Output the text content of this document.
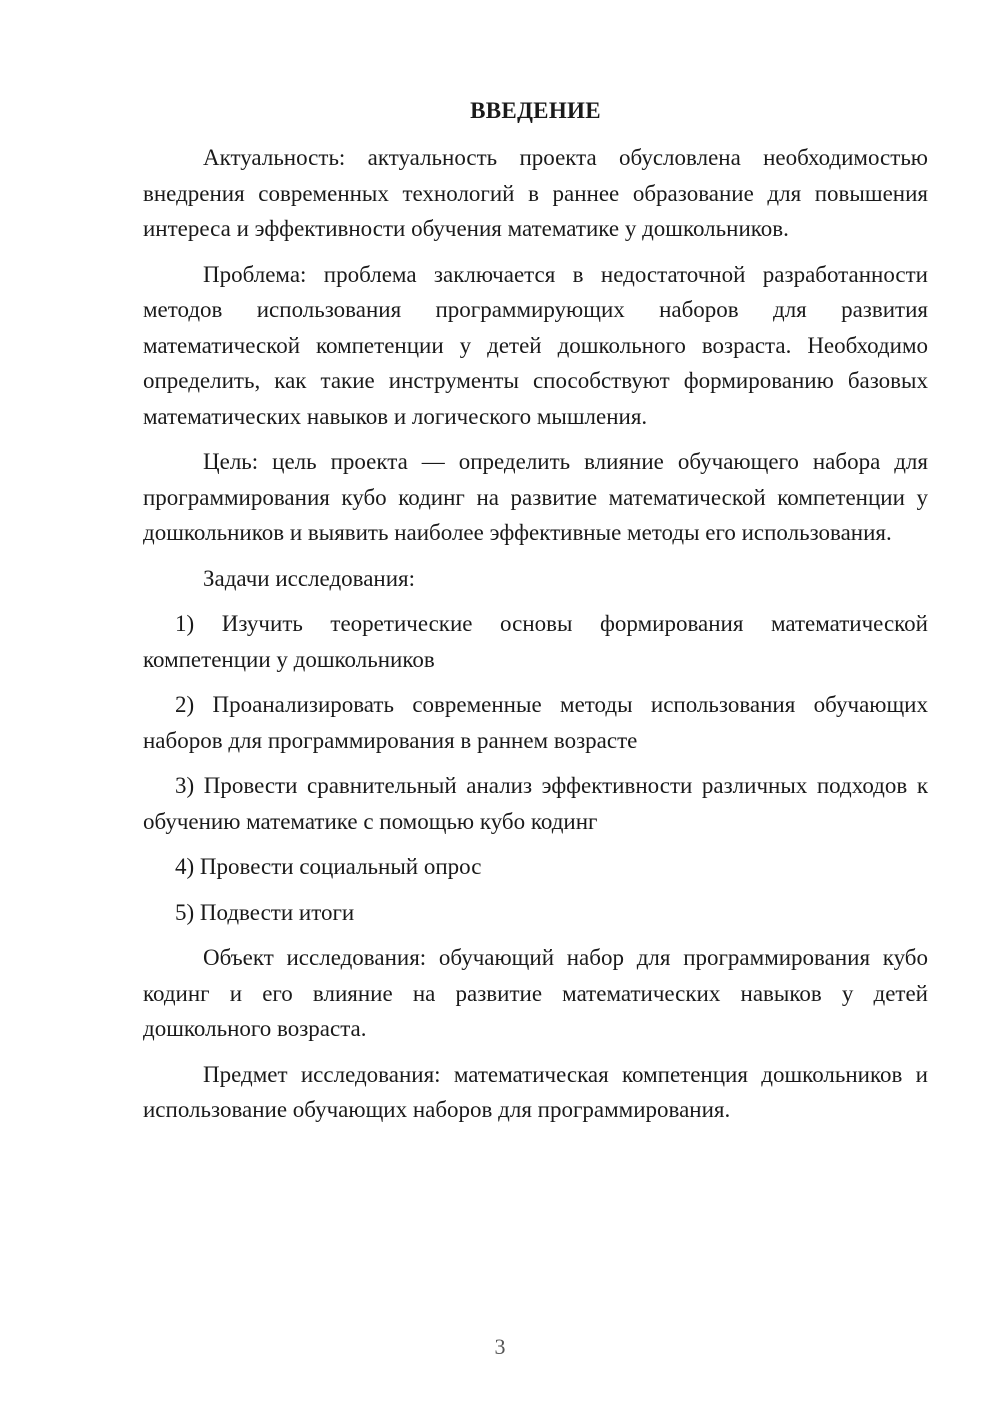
ВВЕДЕНИЕ

Актуальность: актуальность проекта обусловлена необходимостью внедрения современных технологий в раннее образование для повышения интереса и эффективности обучения математике у дошкольников.

Проблема: проблема заключается в недостаточной разработанности методов использования программирующих наборов для развития математической компетенции у детей дошкольного возраста. Необходимо определить, как такие инструменты способствуют формированию базовых математических навыков и логического мышления.

Цель: цель проекта — определить влияние обучающего набора для программирования кубо кодинг на развитие математической компетенции у дошкольников и выявить наиболее эффективные методы его использования.

Задачи исследования:

1) Изучить теоретические основы формирования математической компетенции у дошкольников

2) Проанализировать современные методы использования обучающих наборов для программирования в раннем возрасте

3) Провести сравнительный анализ эффективности различных подходов к обучению математике с помощью кубо кодинг

4) Провести социальный опрос

5) Подвести итоги

Объект исследования: обучающий набор для программирования кубо кодинг и его влияние на развитие математических навыков у детей дошкольного возраста.

Предмет исследования: математическая компетенция дошкольников и использование обучающих наборов для программирования.

3
